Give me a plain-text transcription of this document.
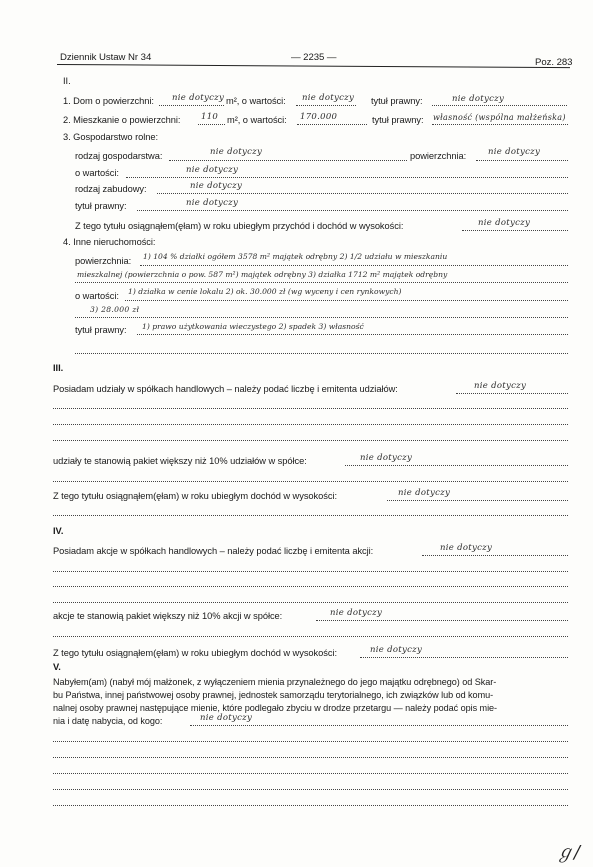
Dziennik Ustaw Nr 34	— 2235 —	Poz. 283
II.
1. Dom o powierzchni: nie dotyczy m², o wartości: nie dotyczy tytuł prawny:	nie dotyczy
2. Mieszkanie o powierzchni: 110 m², o wartości: 170.000	tytuł prawny: własność (wspólna małżeńska)
3. Gospodarstwo rolne:
rodzaj gospodarstwa:	nie dotyczy	powierzchnia:	nie dotyczy
o wartości:	nie dotyczy
rodzaj zabudowy:	nie dotyczy
tytuł prawny:	nie dotyczy
Z tego tytułu osiągnąłem(ęłam) w roku ubiegłym przychód i dochód w wysokości:	nie dotyczy
4. Inne nieruchomości:
powierzchnia: 1) 104 % działki ogółem 3578 m² majątek odrębny 2) 1/2 udziału w mieszkaniu
mieszkalnej (powierzchnia o pow. 587 m²) majątek odrębny 3) działka 1712 m² majątek odrębny
o wartości: 1) działka w cenie lokalu 2) ok. 30.000 zł (wg wyceny i cen rynkowych)
3) 28.000 zł
tytuł prawny: 1) prawo użytkowania wieczystego 2) spadek 3) własność
III.
Posiadam udziały w spółkach handlowych – należy podać liczbę i emitenta udziałów:	nie dotyczy
udziały te stanowią pakiet większy niż 10% udziałów w spółce:	nie dotyczy
Z tego tytułu osiągnąłem(ęłam) w roku ubiegłym dochód w wysokości:	nie dotyczy
IV.
Posiadam akcje w spółkach handlowych – należy podać liczbę i emitenta akcji:	nie dotyczy
akcje te stanowią pakiet większy niż 10% akcji w spółce:	nie dotyczy
Z tego tytułu osiągnąłem(ęłam) w roku ubiegłym dochód w wysokości:	nie dotyczy
V.
Nabyłem(am) (nabył mój małżonek, z wyłączeniem mienia przynależnego do jego majątku odrębnego) od Skar-
bu Państwa, innej państwowej osoby prawnej, jednostek samorządu terytorialnego, ich związków lub od komu-
nalnej osoby prawnej następujące mienie, które podlegało zbyciu w drodze przetargu — należy podać opis mie-
nia i datę nabycia, od kogo:	nie dotyczy
ℊ/
